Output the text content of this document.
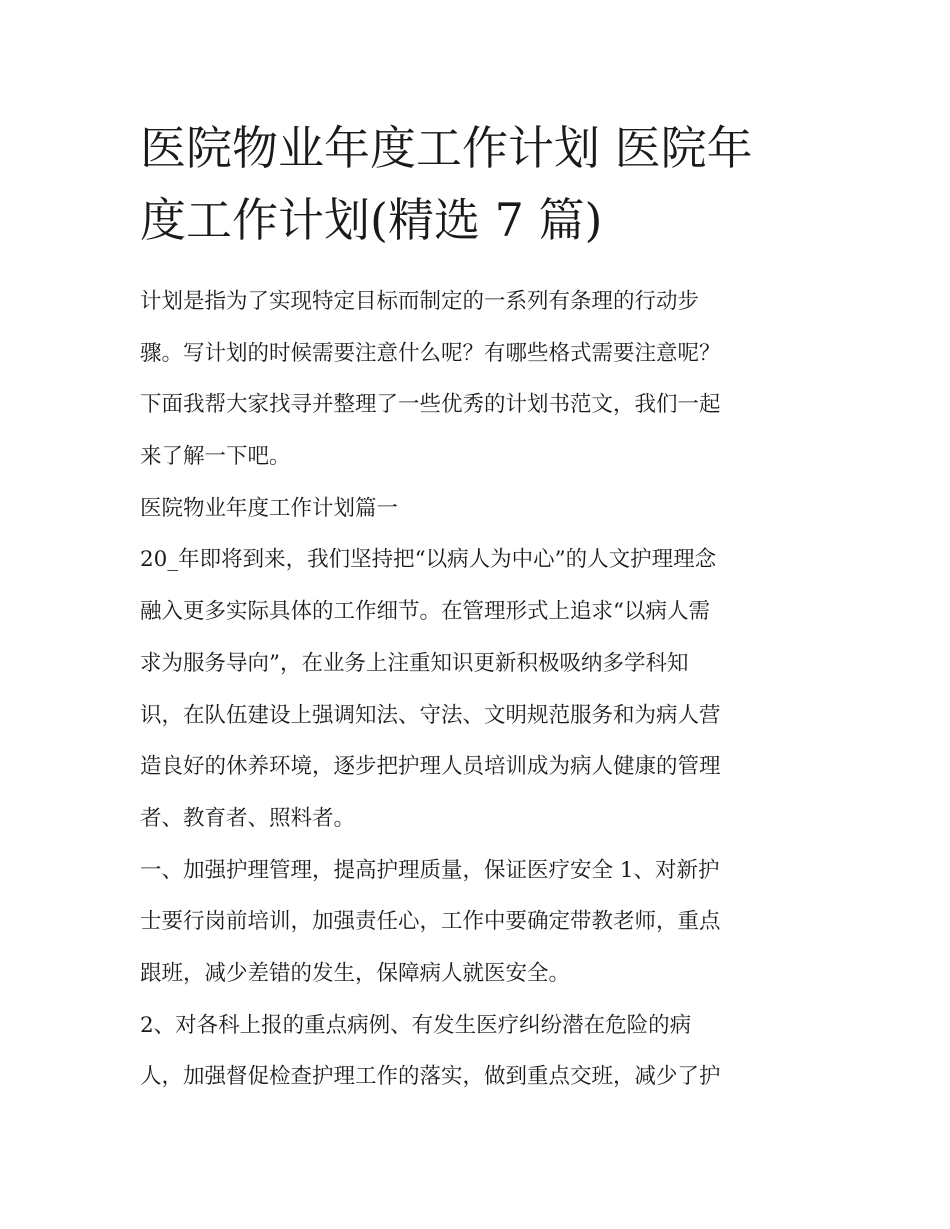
医院物业年度工作计划 医院年
度工作计划(精选 7 篇)
计划是指为了实现特定目标而制定的一系列有条理的行动步
骤。写计划的时候需要注意什么呢？有哪些格式需要注意呢？
下面我帮大家找寻并整理了一些优秀的计划书范文，我们一起
来了解一下吧。
医院物业年度工作计划篇一
20_年即将到来，我们坚持把“以病人为中心”的人文护理理念
融入更多实际具体的工作细节。在管理形式上追求“以病人需
求为服务导向”，在业务上注重知识更新积极吸纳多学科知
识，在队伍建设上强调知法、守法、文明规范服务和为病人营
造良好的休养环境，逐步把护理人员培训成为病人健康的管理
者、教育者、照料者。
一、加强护理管理，提高护理质量，保证医疗安全 1、对新护
士要行岗前培训，加强责任心，工作中要确定带教老师，重点
跟班，减少差错的发生，保障病人就医安全。
2、对各科上报的重点病例、有发生医疗纠纷潜在危险的病
人，加强督促检查护理工作的落实，做到重点交班，减少了护
